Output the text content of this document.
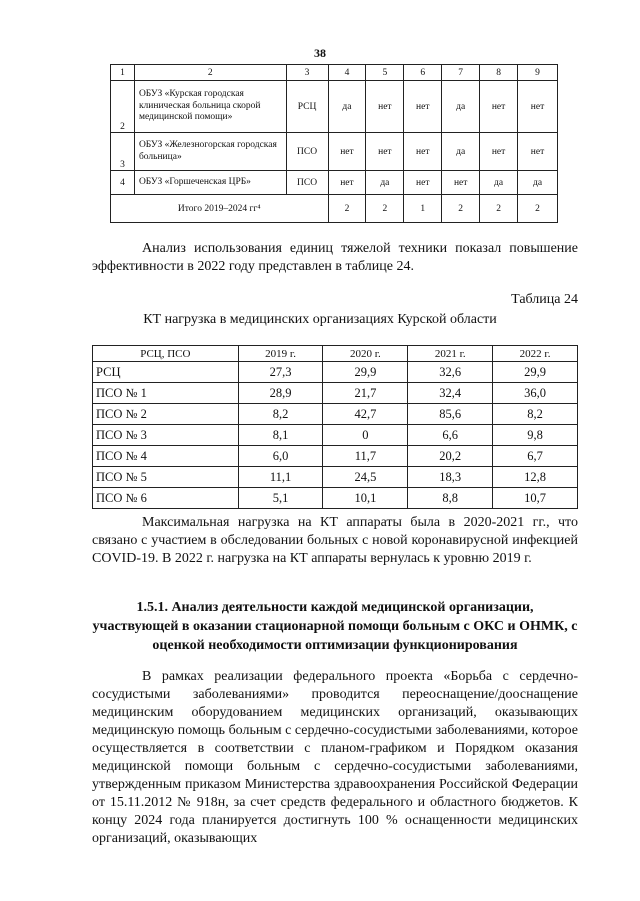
38
1	2	3	4	5	6	7	8	9
2	ОБУЗ «Курская городская клиническая больница скорой медицинской помощи»	РСЦ	да	нет	нет	да	нет	нет
3	ОБУЗ «Железногорская городская больница»	ПСО	нет	нет	нет	да	нет	нет
4	ОБУЗ «Горшеченская ЦРБ»	ПСО	нет	да	нет	нет	да	да
Итого 2019–2024 гг⁴			2	2	1	2	2	2

Анализ использования единиц тяжелой техники показал повышение эффективности в 2022 году представлен в таблице 24.

Таблица 24
КТ нагрузка в медицинских организациях Курской области
РСЦ, ПСО	2019 г.	2020 г.	2021 г.	2022 г.
РСЦ	27,3	29,9	32,6	29,9
ПСО № 1	28,9	21,7	32,4	36,0
ПСО № 2	8,2	42,7	85,6	8,2
ПСО № 3	8,1	0	6,6	9,8
ПСО № 4	6,0	11,7	20,2	6,7
ПСО № 5	11,1	24,5	18,3	12,8
ПСО № 6	5,1	10,1	8,8	10,7

Максимальная нагрузка на КТ аппараты была в 2020-2021 гг., что связано с участием в обследовании больных с новой коронавирусной инфекцией COVID-19. В 2022 г. нагрузка на КТ аппараты вернулась к уровню 2019 г.

1.5.1. Анализ деятельности каждой медицинской организации, участвующей в оказании стационарной помощи больным с ОКС и ОНМК, с оценкой необходимости оптимизации функционирования

В рамках реализации федерального проекта «Борьба с сердечно-сосудистыми заболеваниями» проводится переоснащение/дооснащение медицинским оборудованием медицинских организаций, оказывающих медицинскую помощь больным с сердечно-сосудистыми заболеваниями, которое осуществляется в соответствии с планом-графиком и Порядком оказания медицинской помощи больным с сердечно-сосудистыми заболеваниями, утвержденным приказом Министерства здравоохранения Российской Федерации от 15.11.2012 № 918н, за счет средств федерального и областного бюджетов. К концу 2024 года планируется достигнуть 100 % оснащенности медицинских организаций, оказывающих
